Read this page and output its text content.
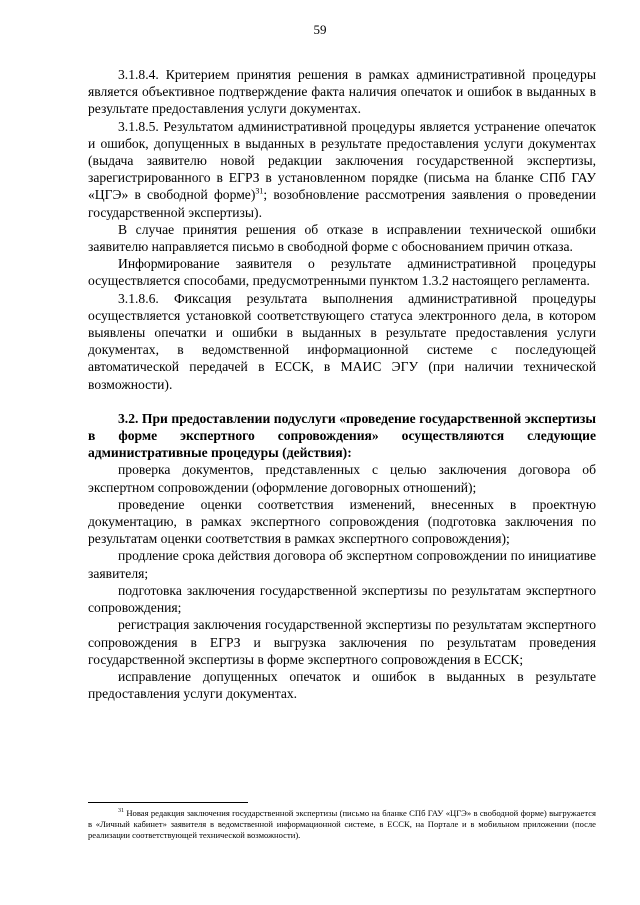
59

3.1.8.4. Критерием принятия решения в рамках административной процедуры является объективное подтверждение факта наличия опечаток и ошибок в выданных в результате предоставления услуги документах.

3.1.8.5. Результатом административной процедуры является устранение опечаток и ошибок, допущенных в выданных в результате предоставления услуги документах (выдача заявителю новой редакции заключения государственной экспертизы, зарегистрированного в ЕГРЗ в установленном порядке (письма на бланке СПб ГАУ «ЦГЭ» в свободной форме)$^{31}$; возобновление рассмотрения заявления о проведении государственной экспертизы).

В случае принятия решения об отказе в исправлении технической ошибки заявителю направляется письмо в свободной форме с обоснованием причин отказа.

Информирование заявителя о результате административной процедуры осуществляется способами, предусмотренными пунктом 1.3.2 настоящего регламента.

3.1.8.6. Фиксация результата выполнения административной процедуры осуществляется установкой соответствующего статуса электронного дела, в котором выявлены опечатки и ошибки в выданных в результате предоставления услуги документах, в ведомственной информационной системе с последующей автоматической передачей в ЕССК, в МАИС ЭГУ (при наличии технической возможности).

3.2. При предоставлении подуслуги «проведение государственной экспертизы в форме экспертного сопровождения» осуществляются следующие административные процедуры (действия):

проверка документов, представленных с целью заключения договора об экспертном сопровождении (оформление договорных отношений);

проведение оценки соответствия изменений, внесенных в проектную документацию, в рамках экспертного сопровождения (подготовка заключения по результатам оценки соответствия в рамках экспертного сопровождения);

продление срока действия договора об экспертном сопровождении по инициативе заявителя;

подготовка заключения государственной экспертизы по результатам экспертного сопровождения;

регистрация заключения государственной экспертизы по результатам экспертного сопровождения в ЕГРЗ и выгрузка заключения по результатам проведения государственной экспертизы в форме экспертного сопровождения в ЕССК;

исправление допущенных опечаток и ошибок в выданных в результате предоставления услуги документах.

$^{31}$ Новая редакция заключения государственной экспертизы (письмо на бланке СПб ГАУ «ЦГЭ» в свободной форме) выгружается в «Личный кабинет» заявителя в ведомственной информационной системе, в ЕССК, на Портале и в мобильном приложении (после реализации соответствующей технической возможности).
